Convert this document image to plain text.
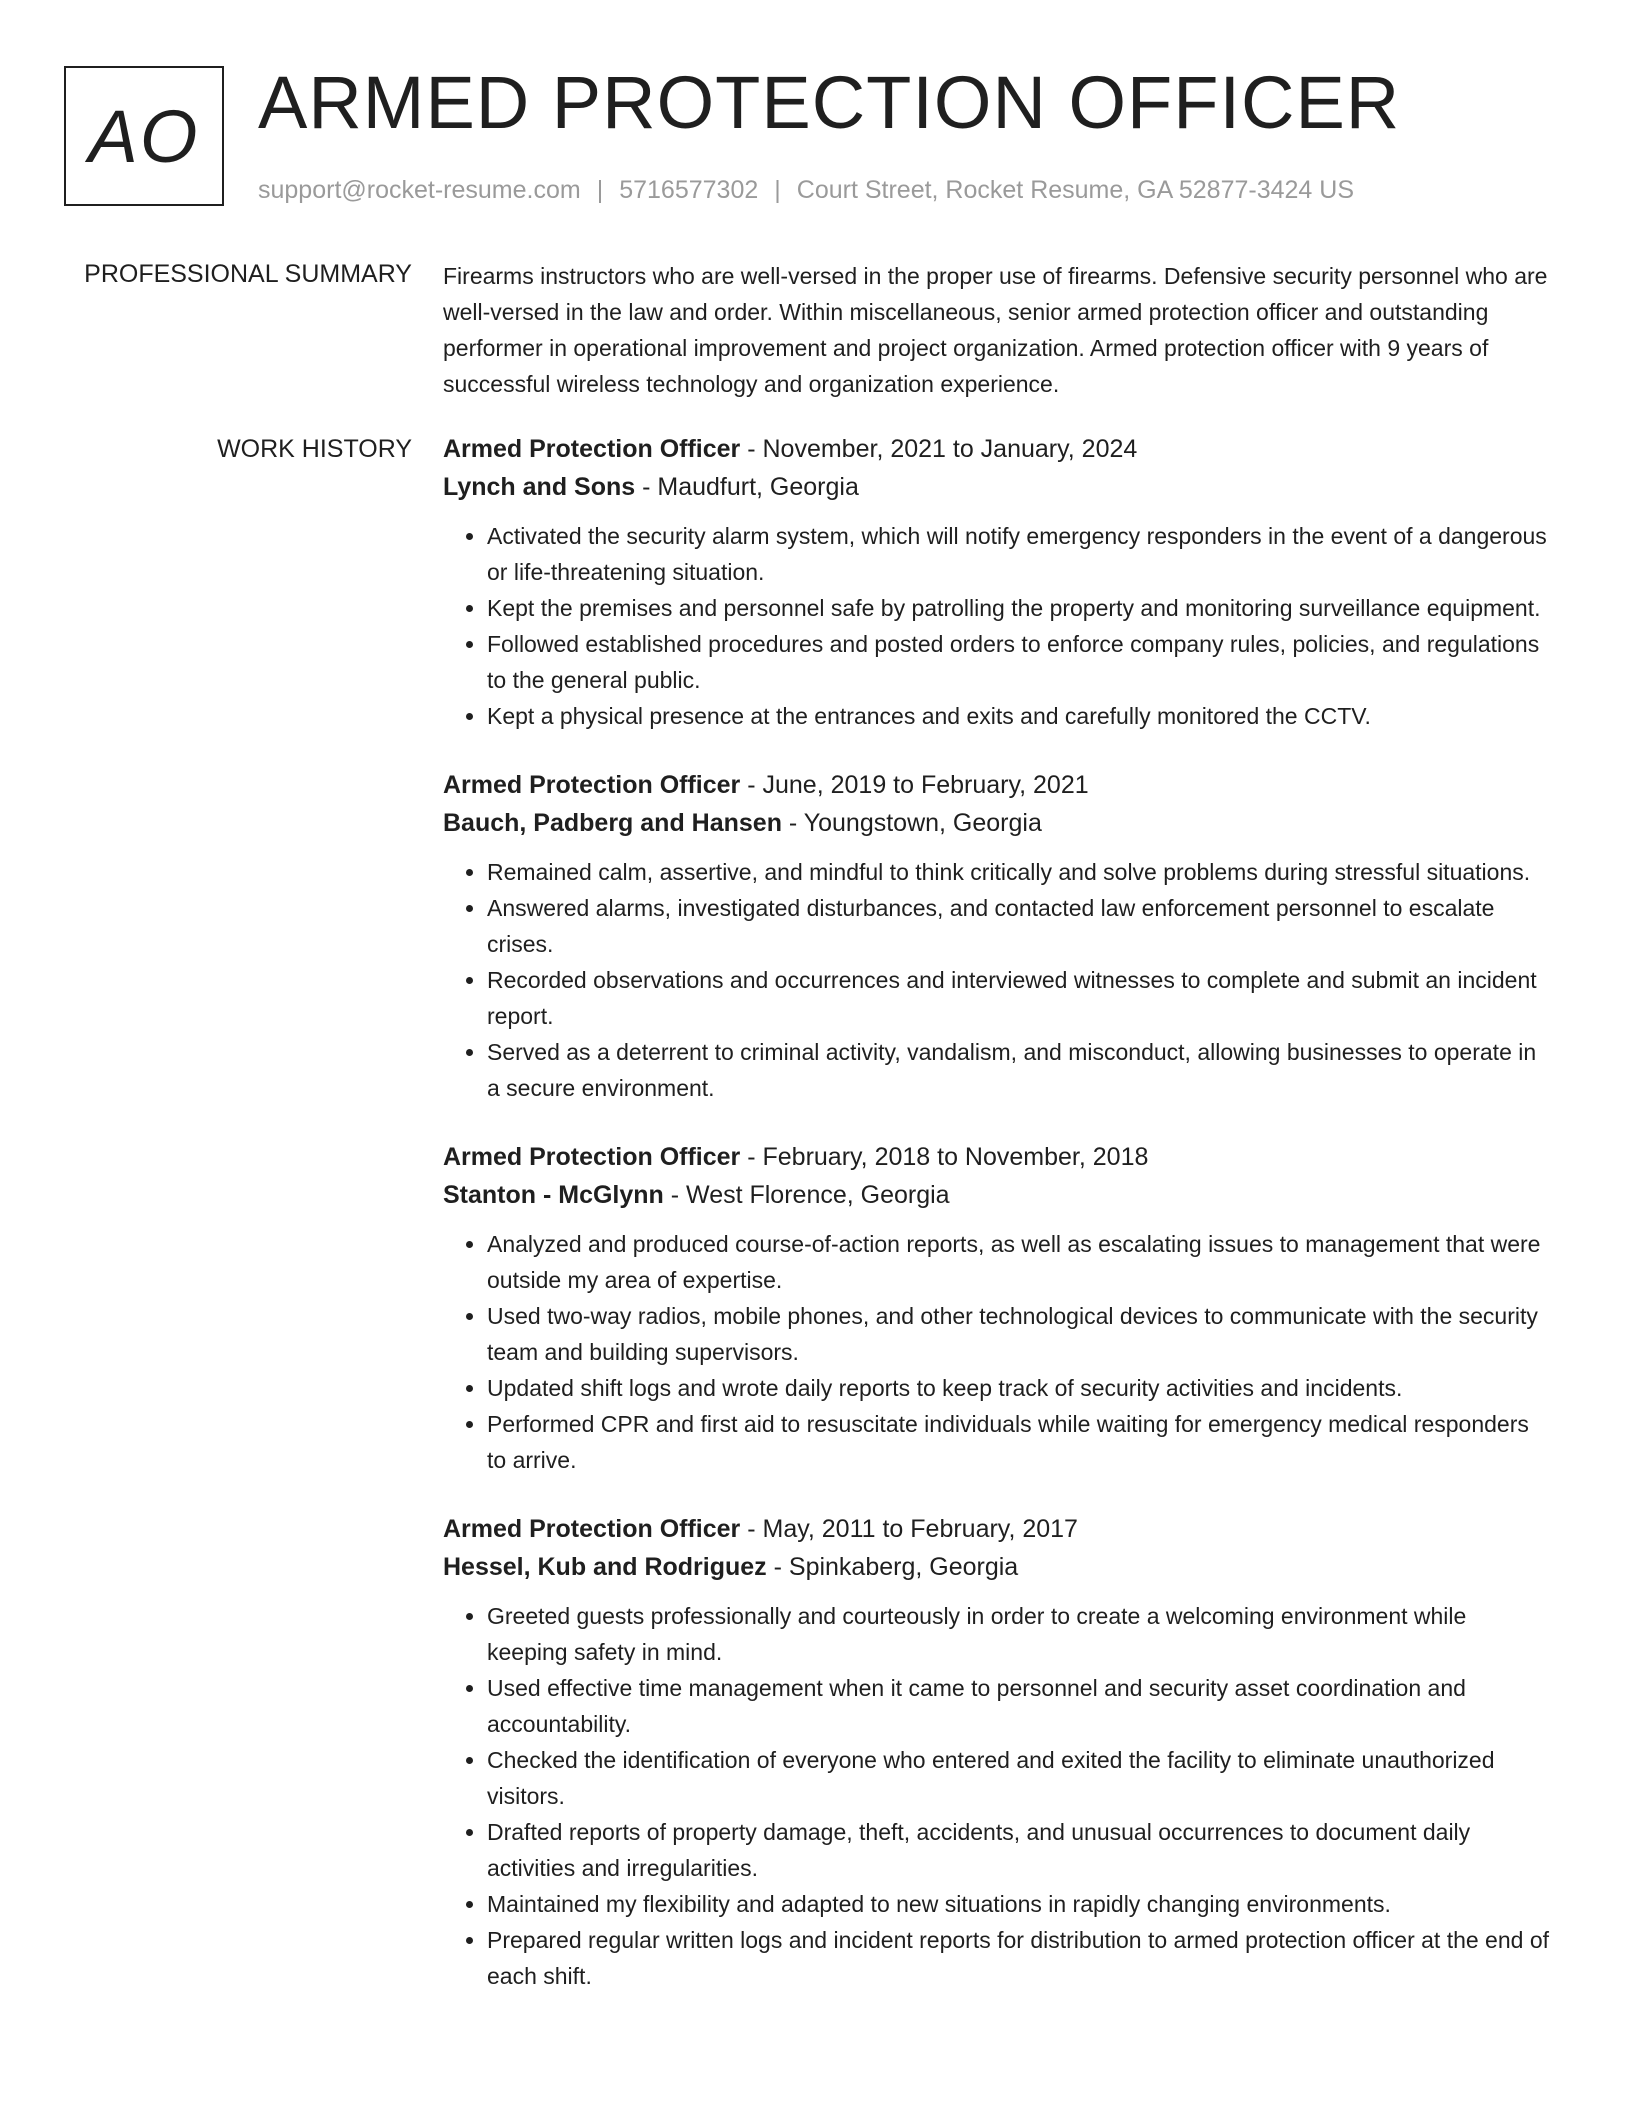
AO ARMED PROTECTION OFFICER
support@rocket-resume.com | 5716577302 | Court Street, Rocket Resume, GA 52877-3424 US
PROFESSIONAL SUMMARY Firearms instructors who are well-versed in the proper use of firearms. Defensive security personnel who are well-versed in the law and order. Within miscellaneous, senior armed protection officer and outstanding performer in operational improvement and project organization. Armed protection officer with 9 years of successful wireless technology and organization experience.

WORK HISTORY Armed Protection Officer - November, 2021 to January, 2024
Lynch and Sons - Maudfurt, Georgia
• Activated the security alarm system, which will notify emergency responders in the event of a dangerous or life-threatening situation.
• Kept the premises and personnel safe by patrolling the property and monitoring surveillance equipment.
• Followed established procedures and posted orders to enforce company rules, policies, and regulations to the general public.
• Kept a physical presence at the entrances and exits and carefully monitored the CCTV.
Armed Protection Officer - June, 2019 to February, 2021
Bauch, Padberg and Hansen - Youngstown, Georgia
• Remained calm, assertive, and mindful to think critically and solve problems during stressful situations.
• Answered alarms, investigated disturbances, and contacted law enforcement personnel to escalate crises.
• Recorded observations and occurrences and interviewed witnesses to complete and submit an incident report.
• Served as a deterrent to criminal activity, vandalism, and misconduct, allowing businesses to operate in a secure environment.
Armed Protection Officer - February, 2018 to November, 2018
Stanton - McGlynn - West Florence, Georgia
• Analyzed and produced course-of-action reports, as well as escalating issues to management that were outside my area of expertise.
• Used two-way radios, mobile phones, and other technological devices to communicate with the security team and building supervisors.
• Updated shift logs and wrote daily reports to keep track of security activities and incidents.
• Performed CPR and first aid to resuscitate individuals while waiting for emergency medical responders to arrive.
Armed Protection Officer - May, 2011 to February, 2017
Hessel, Kub and Rodriguez - Spinkaberg, Georgia
• Greeted guests professionally and courteously in order to create a welcoming environment while keeping safety in mind.
• Used effective time management when it came to personnel and security asset coordination and accountability.
• Checked the identification of everyone who entered and exited the facility to eliminate unauthorized visitors.
• Drafted reports of property damage, theft, accidents, and unusual occurrences to document daily activities and irregularities.
• Maintained my flexibility and adapted to new situations in rapidly changing environments.
• Prepared regular written logs and incident reports for distribution to armed protection officer at the end of each shift.
